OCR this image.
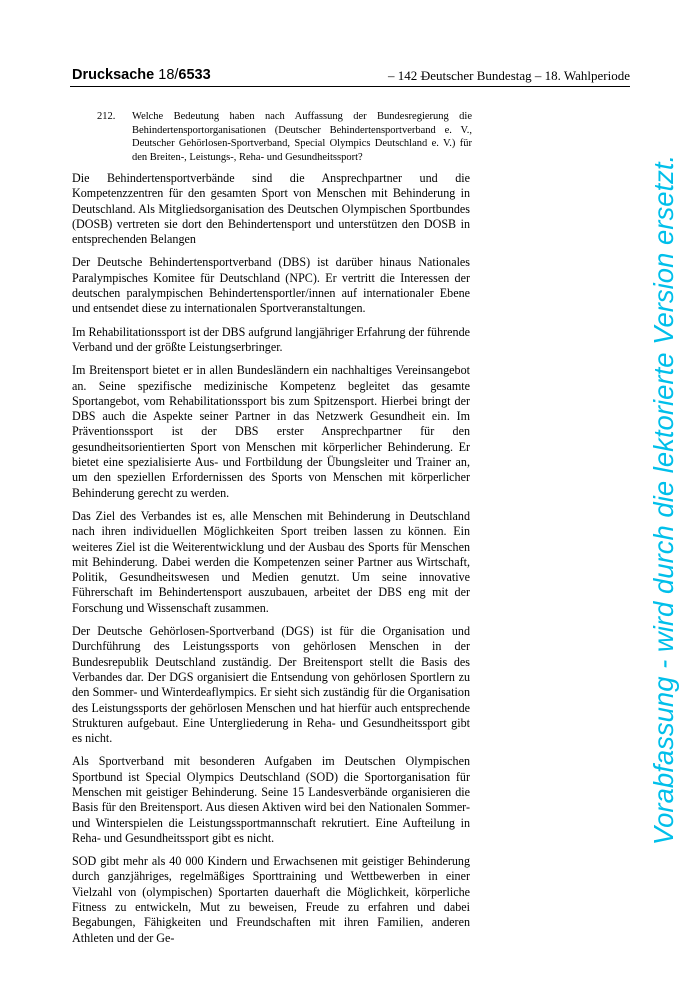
Drucksache 18/6533	– 142 –
Deutscher Bundestag – 18. Wahlperiode
212. Welche Bedeutung haben nach Auffassung der Bundesregierung die Behindertensportorganisationen (Deutscher Behindertensportverband e. V., Deutscher Gehörlosen-Sportverband, Special Olympics Deutschland e. V.) für den Breiten-, Leistungs-, Reha- und Gesundheitssport?

Die Behindertensportverbände sind die Ansprechpartner und die Kompetenzzentren für den gesamten Sport von Menschen mit Behinderung in Deutschland. Als Mitgliedsorganisation des Deutschen Olympischen Sportbundes (DOSB) vertreten sie dort den Behindertensport und unterstützen den DOSB in entsprechenden Belangen

Der Deutsche Behindertensportverband (DBS) ist darüber hinaus Nationales Paralympisches Komitee für Deutschland (NPC). Er vertritt die Interessen der deutschen paralympischen Behindertensportler/innen auf internationaler Ebene und entsendet diese zu internationalen Sportveranstaltungen.

Im Rehabilitationssport ist der DBS aufgrund langjähriger Erfahrung der führende Verband und der größte Leistungserbringer.

Im Breitensport bietet er in allen Bundesländern ein nachhaltiges Vereinsangebot an. Seine spezifische medizinische Kompetenz begleitet das gesamte Sportangebot, vom Rehabilitationssport bis zum Spitzensport. Hierbei bringt der DBS auch die Aspekte seiner Partner in das Netzwerk Gesundheit ein. Im Präventionssport ist der DBS erster Ansprechpartner für den gesundheitsorientierten Sport von Menschen mit körperlicher Behinderung. Er bietet eine spezialisierte Aus- und Fortbildung der Übungsleiter und Trainer an, um den speziellen Erfordernissen des Sports von Menschen mit körperlicher Behinderung gerecht zu werden.

Das Ziel des Verbandes ist es, alle Menschen mit Behinderung in Deutschland nach ihren individuellen Möglichkeiten Sport treiben lassen zu können. Ein weiteres Ziel ist die Weiterentwicklung und der Ausbau des Sports für Menschen mit Behinderung. Dabei werden die Kompetenzen seiner Partner aus Wirtschaft, Politik, Gesundheitswesen und Medien genutzt. Um seine innovative Führerschaft im Behindertensport auszubauen, arbeitet der DBS eng mit der Forschung und Wissenschaft zusammen.

Der Deutsche Gehörlosen-Sportverband (DGS) ist für die Organisation und Durchführung des Leistungssports von gehörlosen Menschen in der Bundesrepublik Deutschland zuständig. Der Breitensport stellt die Basis des Verbandes dar. Der DGS organisiert die Entsendung von gehörlosen Sportlern zu den Sommer- und Winterdeaflympics. Er sieht sich zuständig für die Organisation des Leistungssports der gehörlosen Menschen und hat hierfür auch entsprechende Strukturen aufgebaut. Eine Untergliederung in Reha- und Gesundheitssport gibt es nicht.

Als Sportverband mit besonderen Aufgaben im Deutschen Olympischen Sportbund ist Special Olympics Deutschland (SOD) die Sportorganisation für Menschen mit geistiger Behinderung. Seine 15 Landesverbände organisieren die Basis für den Breitensport. Aus diesen Aktiven wird bei den Nationalen Sommer- und Winterspielen die Leistungssportmannschaft rekrutiert. Eine Aufteilung in Reha- und Gesundheitssport gibt es nicht.

SOD gibt mehr als 40 000 Kindern und Erwachsenen mit geistiger Behinderung durch ganzjähriges, regelmäßiges Sporttraining und Wettbewerben in einer Vielzahl von (olympischen) Sportarten dauerhaft die Möglichkeit, körperliche Fitness zu entwickeln, Mut zu beweisen, Freude zu erfahren und dabei Begabungen, Fähigkeiten und Freundschaften mit ihren Familien, anderen Athleten und der Ge-

Vorabfassung - wird durch die lektorierte Version ersetzt.
